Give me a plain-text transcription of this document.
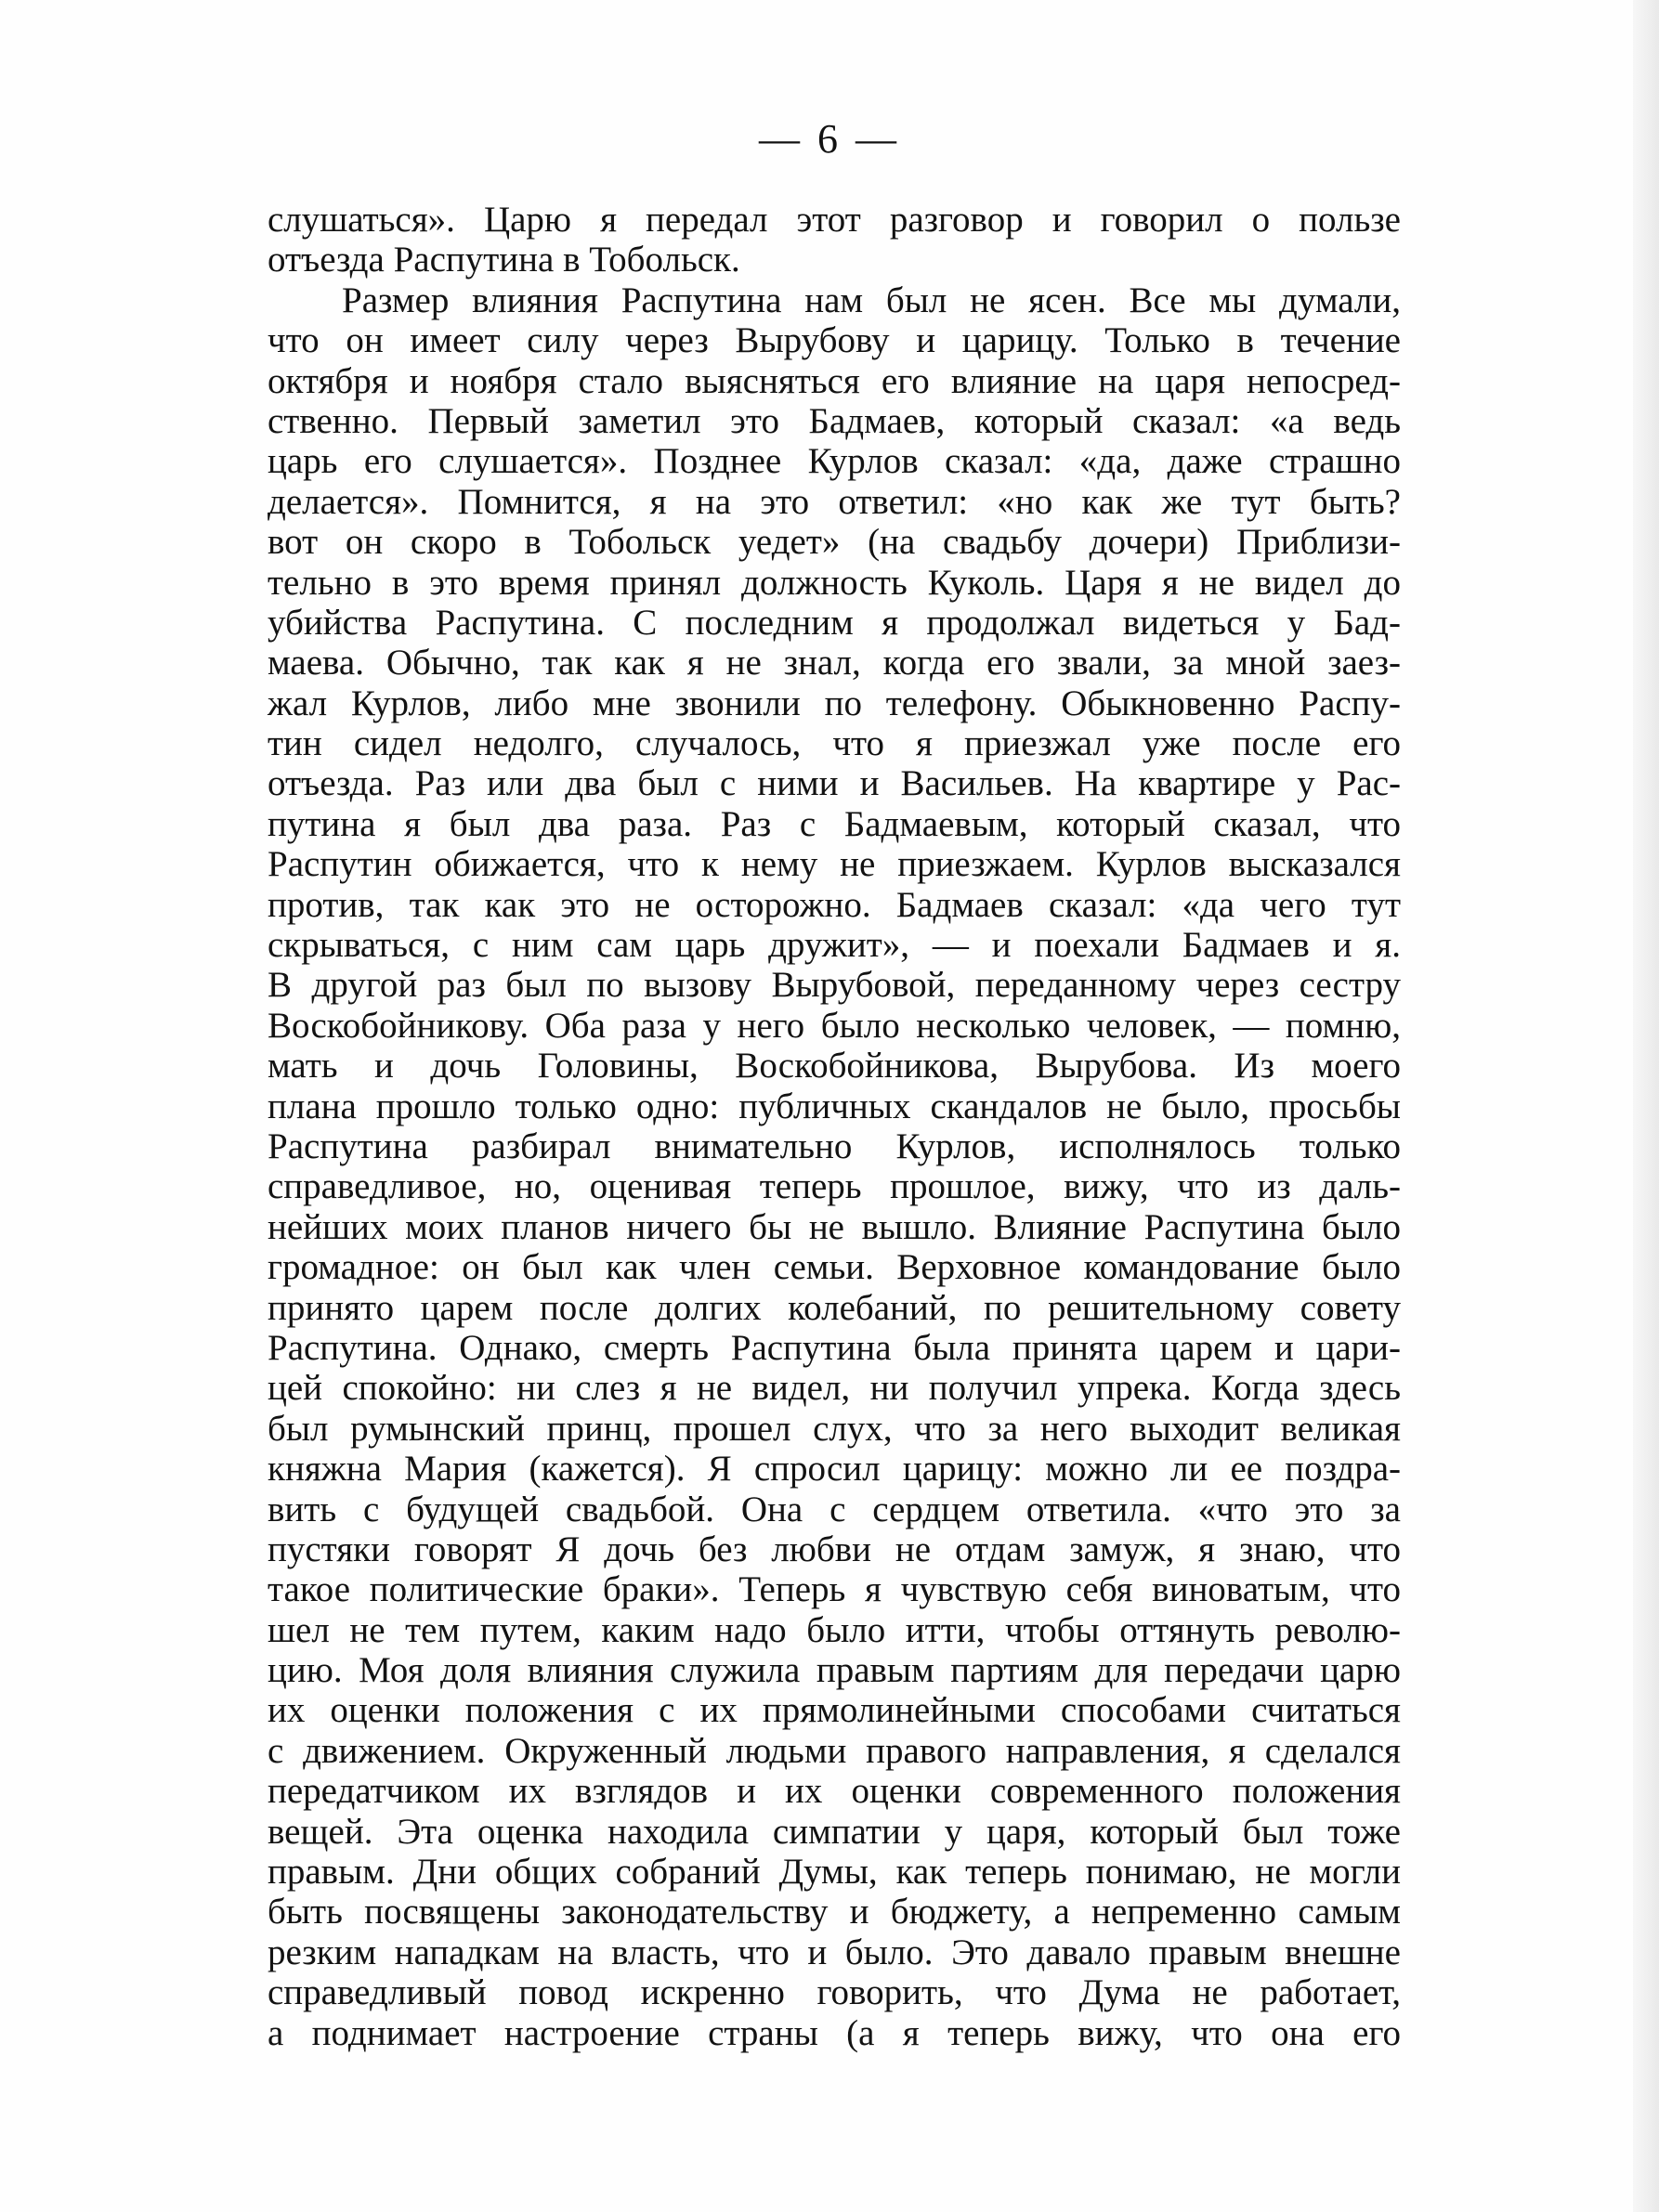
— 6 —
слушаться». Царю я передал этот разговор и говорил о пользе
отъезда Распутина в Тобольск.
Размер влияния Распутина нам был не ясен. Все мы думали,
что он имеет силу через Вырубову и царицу. Только в течение
октября и ноября стало выясняться его влияние на царя непосред-
ственно. Первый заметил это Бадмаев, который сказал: «а ведь
царь его слушается». Позднее Курлов сказал: «да, даже страшно
делается». Помнится, я на это ответил: «но как же тут быть?
вот он скоро в Тобольск уедет» (на свадьбу дочери) Приблизи-
тельно в это время принял должность Куколь. Царя я не видел до
убийства Распутина. С последним я продолжал видеться у Бад-
маева. Обычно, так как я не знал, когда его звали, за мной заез-
жал Курлов, либо мне звонили по телефону. Обыкновенно Распу-
тин сидел недолго, случалось, что я приезжал уже после его
отъезда. Раз или два был с ними и Васильев. На квартире у Рас-
путина я был два раза. Раз с Бадмаевым, который сказал, что
Распутин обижается, что к нему не приезжаем. Курлов высказался
против, так как это не осторожно. Бадмаев сказал: «да чего тут
скрываться, с ним сам царь дружит», — и поехали Бадмаев и я.
В другой раз был по вызову Вырубовой, переданному через сестру
Воскобойникову. Оба раза у него было несколько человек, — помню,
мать и дочь Головины, Воскобойникова, Вырубова. Из моего
плана прошло только одно: публичных скандалов не было, просьбы
Распутина разбирал внимательно Курлов, исполнялось только
справедливое, но, оценивая теперь прошлое, вижу, что из даль-
нейших моих планов ничего бы не вышло. Влияние Распутина было
громадное: он был как член семьи. Верховное командование было
принято царем после долгих колебаний, по решительному совету
Распутина. Однако, смерть Распутина была принята царем и цари-
цей спокойно: ни слез я не видел, ни получил упрека. Когда здесь
был румынский принц, прошел слух, что за него выходит великая
княжна Мария (кажется). Я спросил царицу: можно ли ее поздра-
вить с будущей свадьбой. Она с сердцем ответила. «что это за
пустяки говорят Я дочь без любви не отдам замуж, я знаю, что
такое политические браки». Теперь я чувствую себя виноватым, что
шел не тем путем, каким надо было итти, чтобы оттянуть револю-
цию. Моя доля влияния служила правым партиям для передачи царю
их оценки положения с их прямолинейными способами считаться
с движением. Окруженный людьми правого направления, я сделался
передатчиком их взглядов и их оценки современного положения
вещей. Эта оценка находила симпатии у царя, который был тоже
правым. Дни общих собраний Думы, как теперь понимаю, не могли
быть посвящены законодательству и бюджету, а непременно самым
резким нападкам на власть, что и было. Это давало правым внешне
справедливый повод искренно говорить, что Дума не работает,
а поднимает настроение страны (а я теперь вижу, что она его
